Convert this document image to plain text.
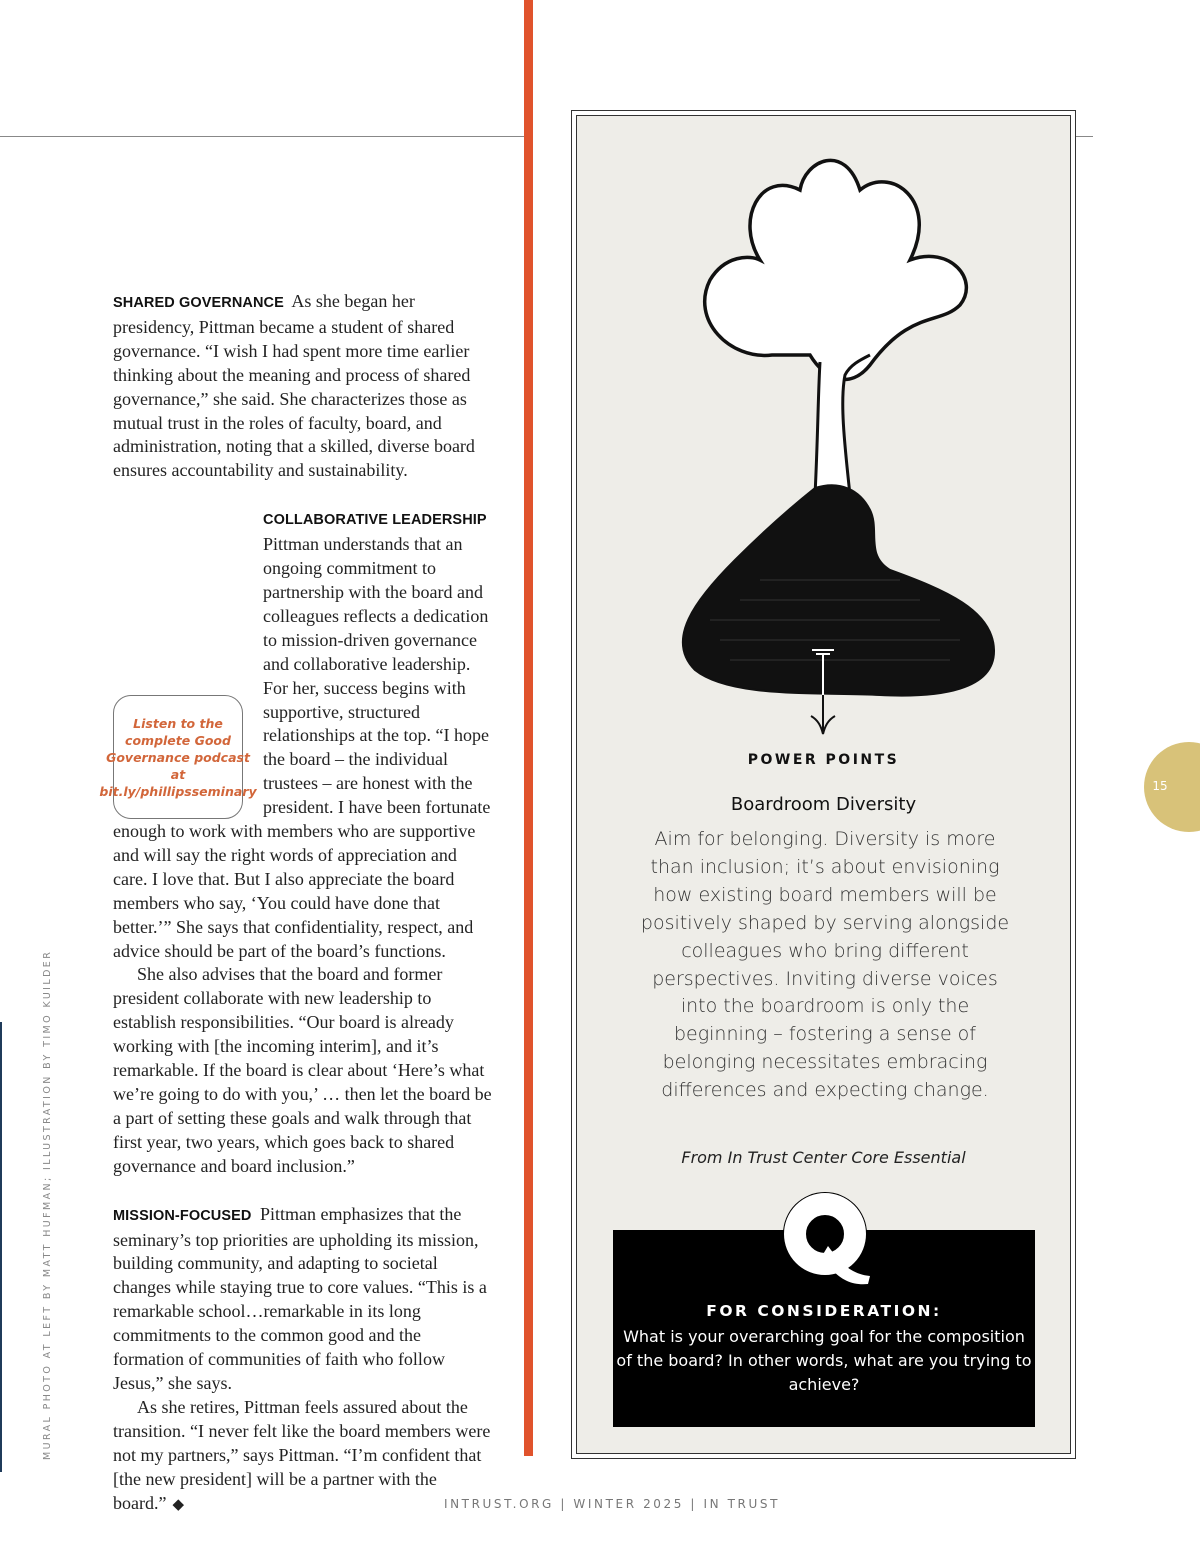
MURAL PHOTO AT LEFT BY MATT HUFMAN; ILLUSTRATION BY TIMO KUILDER

SHARED GOVERNANCE As she began her presidency, Pittman became a student of shared governance. “I wish I had spent more time earlier thinking about the meaning and process of shared governance,” she said. She characterizes those as mutual trust in the roles of faculty, board, and administration, noting that a skilled, diverse board ensures accountability and sustainability.

COLLABORATIVE LEADERSHIP Pittman understands that an ongoing commitment to partnership with the board and colleagues reflects a dedication to mission-driven governance and collaborative leadership. For her, success begins with supportive, structured relationships at the top. “I hope the board – the individual trustees – are honest with the president. I have been fortunate enough to work with members who are supportive and will say the right words of appreciation and care. I love that. But I also appreciate the board members who say, ‘You could have done that better.’” She says that confidentiality, respect, and advice should be part of the board’s functions.

She also advises that the board and former president collaborate with new leadership to establish responsibilities. “Our board is already working with [the incoming interim], and it’s remarkable. If the board is clear about ‘Here’s what we’re going to do with you,’ … then let the board be a part of setting these goals and walk through that first year, two years, which goes back to shared governance and board inclusion.”

MISSION-FOCUSED Pittman emphasizes that the seminary’s top priorities are upholding its mission, building community, and adapting to societal changes while staying true to core values. “This is a remarkable school…remarkable in its long commitments to the common good and the formation of communities of faith who follow Jesus,” she says.

As she retires, Pittman feels assured about the transition. “I never felt like the board members were not my partners,” says Pittman. “I’m confident that [the new president] will be a partner with the board.” ◆

POWER POINTS
Boardroom Diversity
Aim for belonging. Diversity is more than inclusion; it’s about envisioning how existing board members will be positively shaped by serving alongside colleagues who bring different perspectives. Inviting diverse voices into the boardroom is only the beginning – fostering a sense of belonging necessitates embracing differences and expecting change.
From In Trust Center Core Essential
FOR CONSIDERATION:
What is your overarching goal for the composition of the board? In other words, what are you trying to achieve?
15
INTRUST.ORG | WINTER 2025 | IN TRUST
Listen to the complete Good Governance podcast at bit.ly/phillipsseminary
